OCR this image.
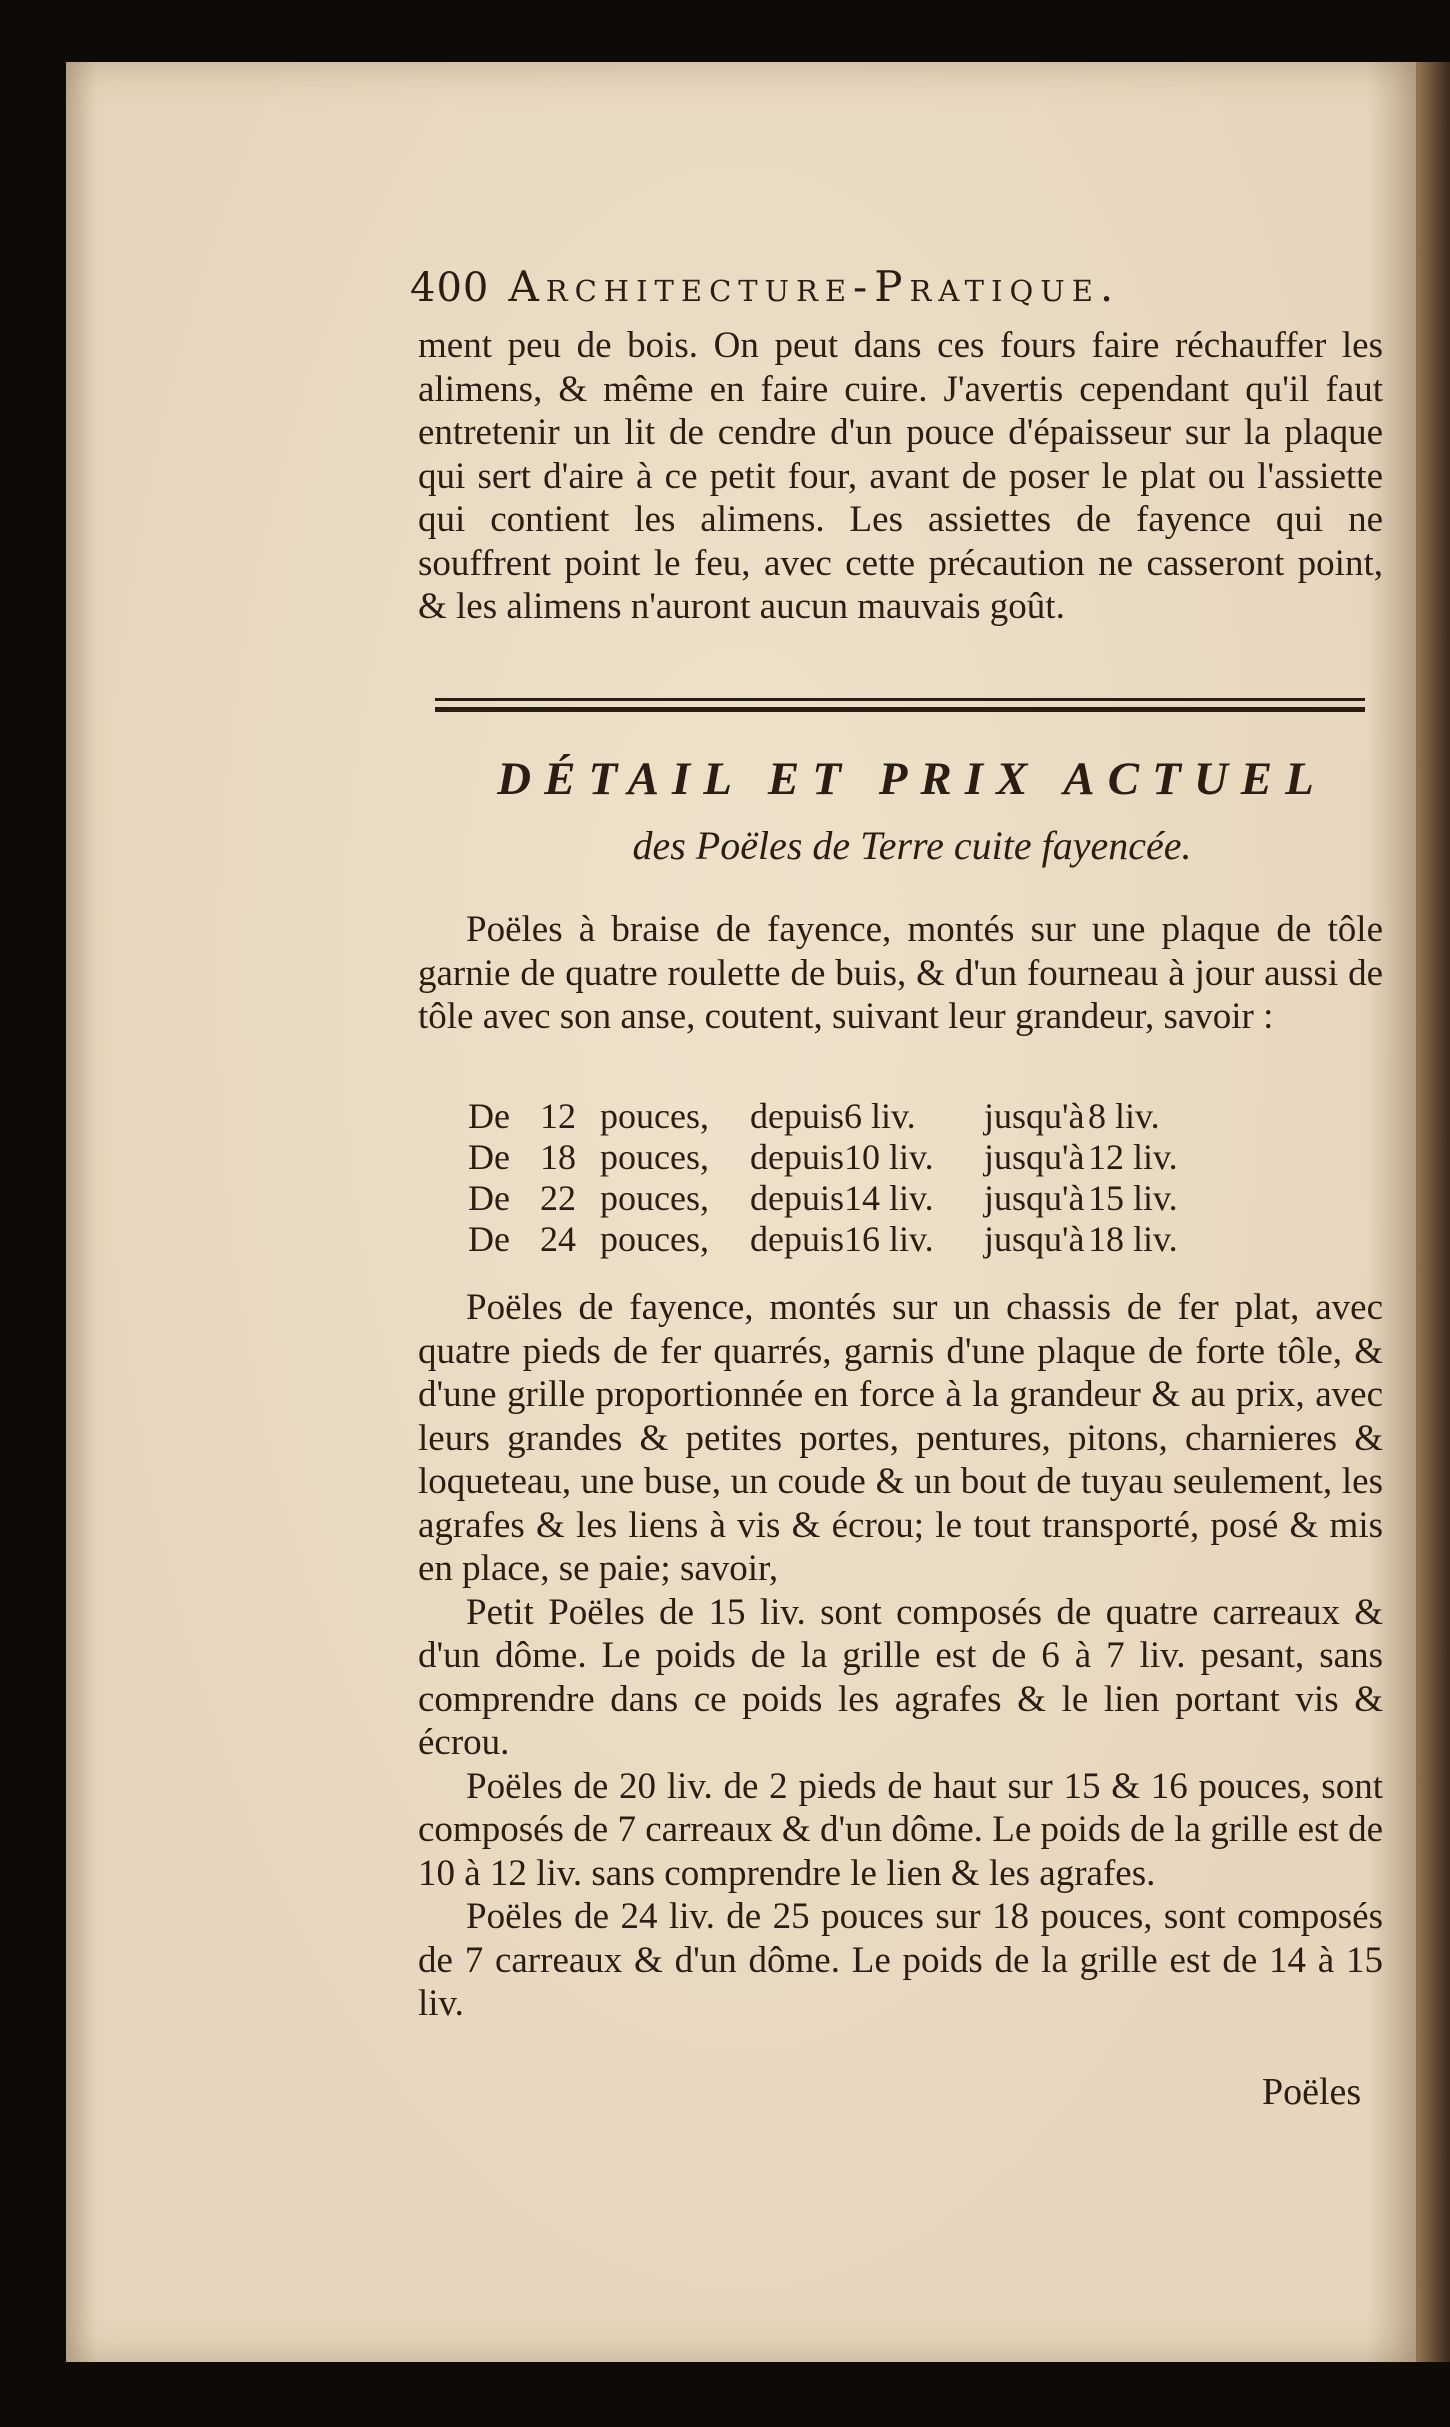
400 Architecture-Pratique.

ment peu de bois. On peut dans ces fours faire réchauffer les alimens, & même en faire cuire. J'avertis cependant qu'il faut entretenir un lit de cendre d'un pouce d'épaisseur sur la plaque qui sert d'aire à ce petit four, avant de poser le plat ou l'assiette qui contient les alimens. Les assiettes de fayence qui ne souffrent point le feu, avec cette précaution ne casseront point, & les alimens n'auront aucun mauvais goût.

DÉTAIL ET PRIX ACTUEL
des Poëles de Terre cuite fayencée.

Poëles à braise de fayence, montés sur une plaque de tôle garnie de quatre roulette de buis, & d'un fourneau à jour aussi de tôle avec son anse, coutent, suivant leur grandeur, savoir :

De	12	pouces,	depuis	6 liv.	jusqu'à	8 liv.
De	18	pouces,	depuis	10 liv.	jusqu'à	12 liv.
De	22	pouces,	depuis	14 liv.	jusqu'à	15 liv.
De	24	pouces,	depuis	16 liv.	jusqu'à	18 liv.

Poëles de fayence, montés sur un chassis de fer plat, avec quatre pieds de fer quarrés, garnis d'une plaque de forte tôle, & d'une grille proportionnée en force à la grandeur & au prix, avec leurs grandes & petites portes, pentures, pitons, charnieres & loqueteau, une buse, un coude & un bout de tuyau seulement, les agrafes & les liens à vis & écrou; le tout transporté, posé & mis en place, se paie; savoir,

Petit Poëles de 15 liv. sont composés de quatre carreaux & d'un dôme. Le poids de la grille est de 6 à 7 liv. pesant, sans comprendre dans ce poids les agrafes & le lien portant vis & écrou.

Poëles de 20 liv. de 2 pieds de haut sur 15 & 16 pouces, sont composés de 7 carreaux & d'un dôme. Le poids de la grille est de 10 à 12 liv. sans comprendre le lien & les agrafes.

Poëles de 24 liv. de 25 pouces sur 18 pouces, sont composés de 7 carreaux & d'un dôme. Le poids de la grille est de 14 à 15 liv.

Poëles
